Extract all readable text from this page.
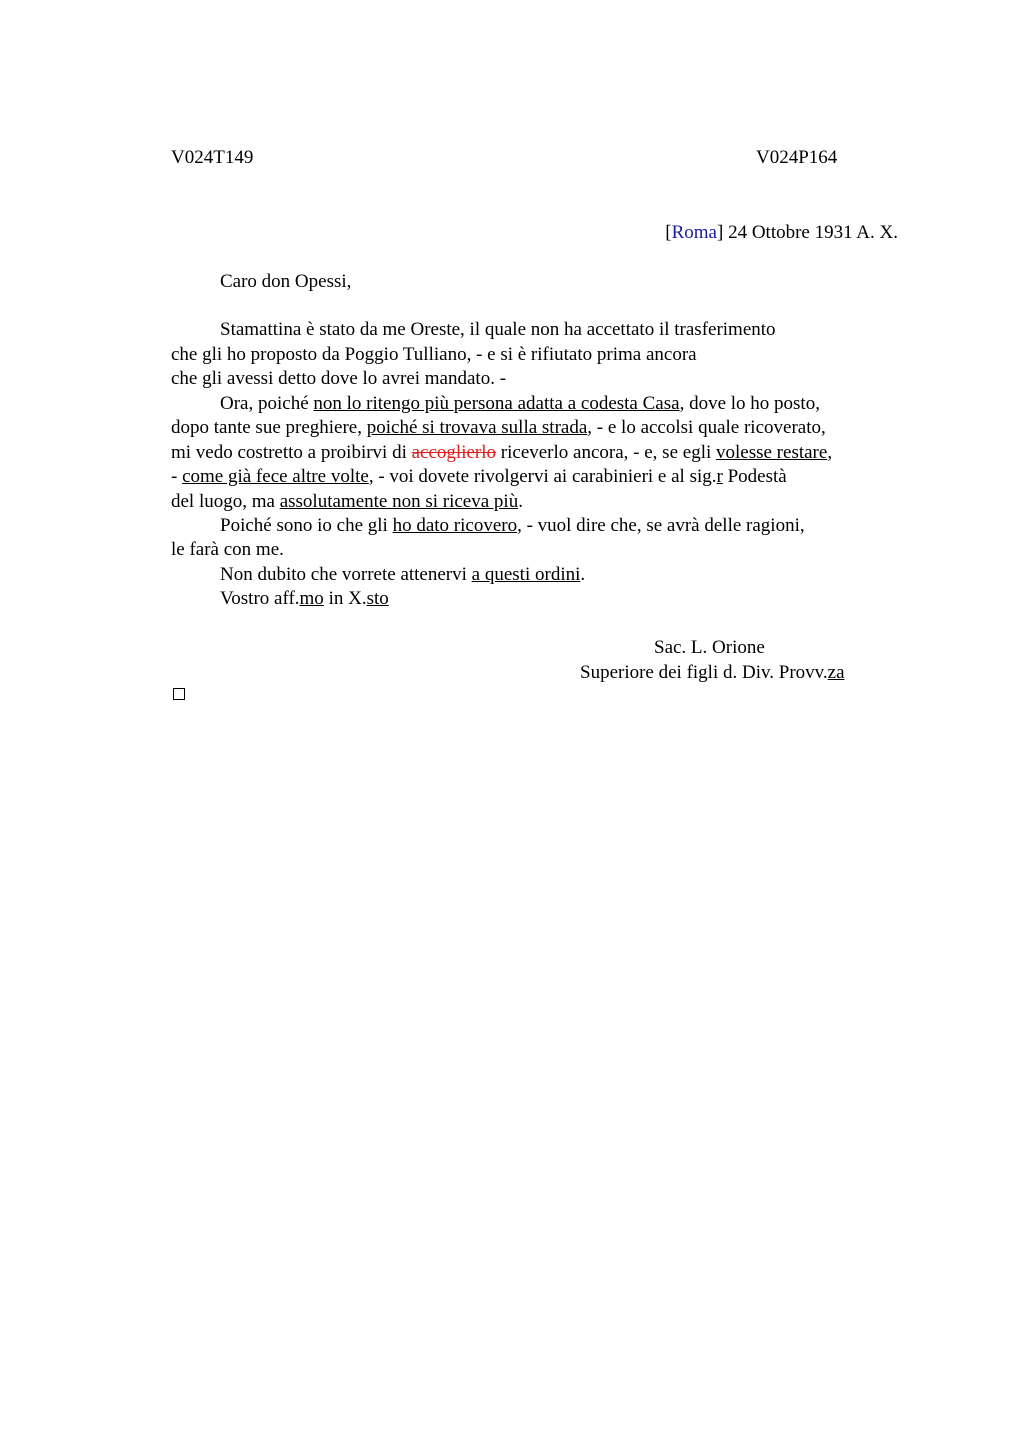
V024T149	V024P164
[Roma] 24 Ottobre 1931 A. X.
Caro don Opessi,
Stamattina è stato da me Oreste, il quale non ha accettato il trasferimento
che gli ho proposto da Poggio Tulliano, - e si è rifiutato prima ancora
che gli avessi detto dove lo avrei mandato. -
Ora, poiché non lo ritengo più persona adatta a codesta Casa, dove lo ho posto,
dopo tante sue preghiere, poiché si trovava sulla strada, - e lo accolsi quale ricoverato,
mi vedo costretto a proibirvi di accoglierlo riceverlo ancora, - e, se egli volesse restare,
- come già fece altre volte, - voi dovete rivolgervi ai carabinieri e al sig.r Podestà
del luogo, ma assolutamente non si riceva più.
Poiché sono io che gli ho dato ricovero, - vuol dire che, se avrà delle ragioni,
le farà con me.
Non dubito che vorrete attenervi a questi ordini.
Vostro aff.mo in X.sto
Sac. L. Orione
Superiore dei figli d. Div. Provv.za
